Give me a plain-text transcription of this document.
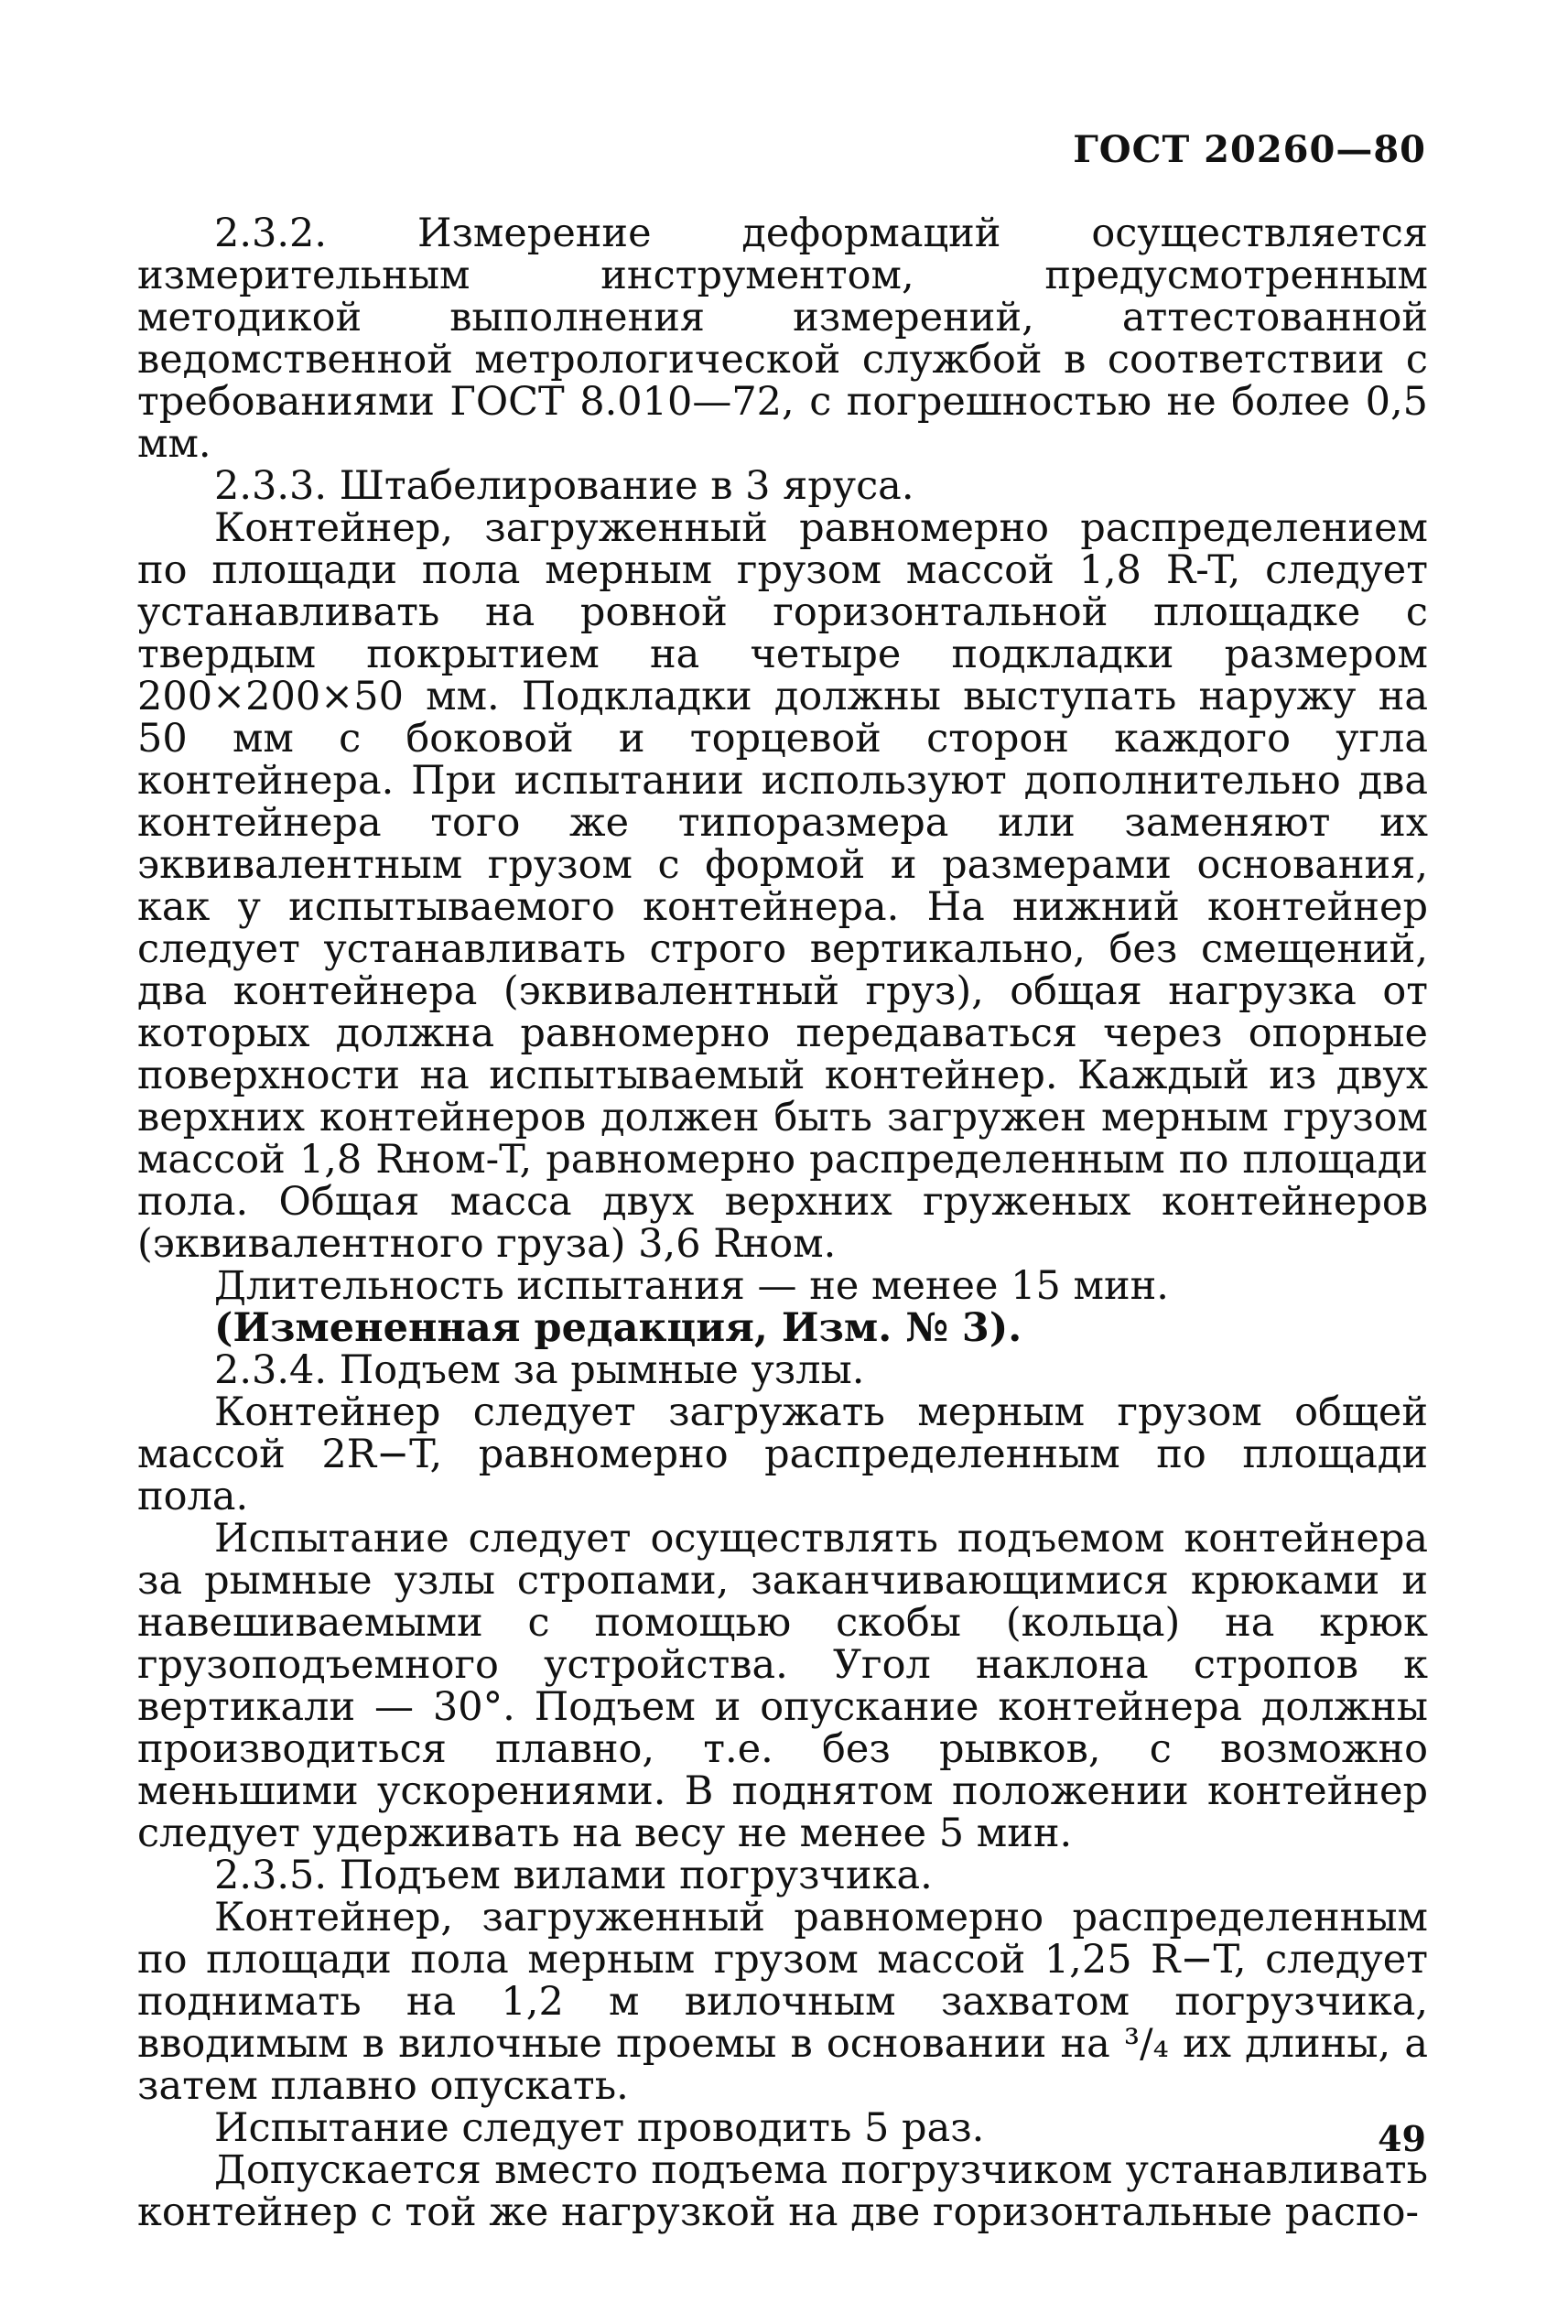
ГОСТ 20260—80

2.3.2. Измерение деформаций осуществляется измерительным инструментом, предусмотренным методикой выполнения измерений, аттестованной ведомственной метрологической службой в соответствии с требованиями ГОСТ 8.010—72, с погрешностью не более 0,5 мм.

2.3.3. Штабелирование в 3 яруса.

Контейнер, загруженный равномерно распределением по площади пола мерным грузом массой 1,8 R-T, следует устанавливать на ровной горизонтальной площадке с твердым покрытием на четыре подкладки размером 200×200×50 мм. Подкладки должны выступать наружу на 50 мм с боковой и торцевой сторон каждого угла контейнера. При испытании используют дополнительно два контейнера того же типоразмера или заменяют их эквивалентным грузом с формой и размерами основания, как у испытываемого контейнера. На нижний контейнер следует устанавливать строго вертикально, без смещений, два контейнера (эквивалентный груз), общая нагрузка от которых должна равномерно передаваться через опорные поверхности на испытываемый контейнер. Каждый из двух верхних контейнеров должен быть загружен мерным грузом массой 1,8 Rном-T, равномерно распределенным по площади пола. Общая масса двух верхних груженых контейнеров (эквивалентного груза) 3,6 Rном.

Длительность испытания — не менее 15 мин.

(Измененная редакция, Изм. № 3).

2.3.4. Подъем за рымные узлы.

Контейнер следует загружать мерным грузом общей массой 2R−T, равномерно распределенным по площади пола.

Испытание следует осуществлять подъемом контейнера за рымные узлы стропами, заканчивающимися крюками и навешиваемыми с помощью скобы (кольца) на крюк грузоподъемного устройства. Угол наклона стропов к вертикали — 30°. Подъем и опускание контейнера должны производиться плавно, т.е. без рывков, с возможно меньшими ускорениями. В поднятом положении контейнер следует удерживать на весу не менее 5 мин.

2.3.5. Подъем вилами погрузчика.

Контейнер, загруженный равномерно распределенным по площади пола мерным грузом массой 1,25 R−T, следует поднимать на 1,2 м вилочным захватом погрузчика, вводимым в вилочные проемы в основании на ³/₄ их длины, а затем плавно опускать.

Испытание следует проводить 5 раз.

Допускается вместо подъема погрузчиком устанавливать контейнер с той же нагрузкой на две горизонтальные распо-

49
